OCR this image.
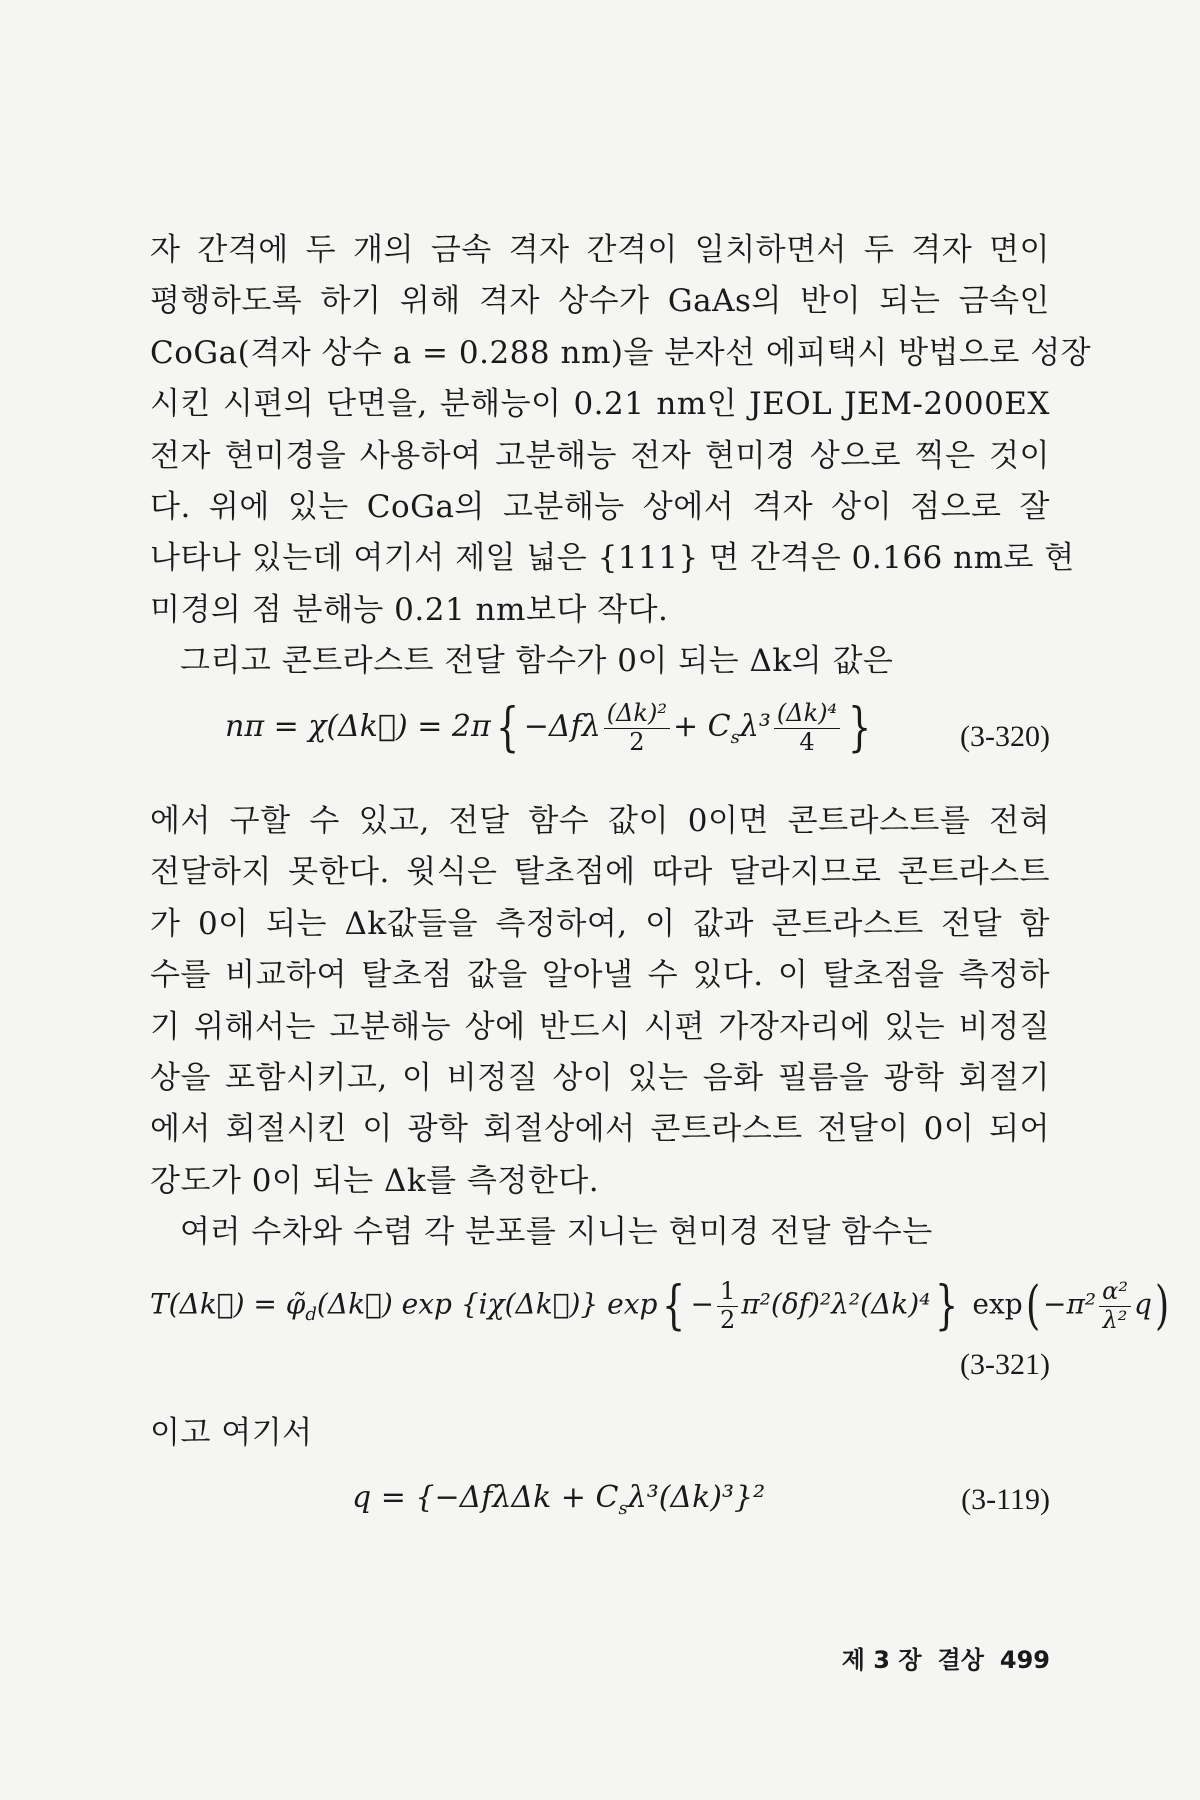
자 간격에 두 개의 금속 격자 간격이 일치하면서 두 격자 면이
평행하도록 하기 위해 격자 상수가 GaAs의 반이 되는 금속인
CoGa(격자 상수 a = 0.288 nm)을 분자선 에피택시 방법으로 성장
시킨 시편의 단면을, 분해능이 0.21 nm인 JEOL JEM-2000EX
전자 현미경을 사용하여 고분해능 전자 현미경 상으로 찍은 것이
다. 위에 있는 CoGa의 고분해능 상에서 격자 상이 점으로 잘
나타나 있는데 여기서 제일 넓은 {111} 면 간격은 0.166 nm로 현
미경의 점 분해능 0.21 nm보다 작다.
그리고 콘트라스트 전달 함수가 0이 되는 Δk의 값은
nπ = χ(Δk⃗) = $2\pi\{ -\Delta f\lambda \frac{\text{(Δk)²}}{2} + C_s\lambda^3 \frac{\text{(Δk)⁴}}{4}$ }	(3-320)
에서 구할 수 있고, 전달 함수 값이 0이면 콘트라스트를 전혀
전달하지 못한다. 윗식은 탈초점에 따라 달라지므로 콘트라스트
가 0이 되는 Δk값들을 측정하여, 이 값과 콘트라스트 전달 함
수를 비교하여 탈초점 값을 알아낼 수 있다. 이 탈초점을 측정하
기 위해서는 고분해능 상에 반드시 시편 가장자리에 있는 비정질
상을 포함시키고, 이 비정질 상이 있는 음화 필름을 광학 회절기
에서 회절시킨 이 광학 회절상에서 콘트라스트 전달이 0이 되어
강도가 0이 되는 Δk를 측정한다.
여러 수차와 수렴 각 분포를 지니는 현미경 전달 함수는
T(Δk⃗) = $\varphĩ_d(\Delta k⃗)$ exp {iχ(Δk⃗)} $\exp\{ - \frac{1}{2} \pi^2(\delta f)^2\lambda^2(\Delta k)^4\}$ $\exp( -\pi^2 \frac{\text{α²}}{\text{λ²}} q)$
(3-321)
이고 여기서
$q = \{-\Delta f\lambda\Delta k + C_s\lambda^3(\Delta k)^3\}^2$	(3-119)
제 3 장 결상 499
